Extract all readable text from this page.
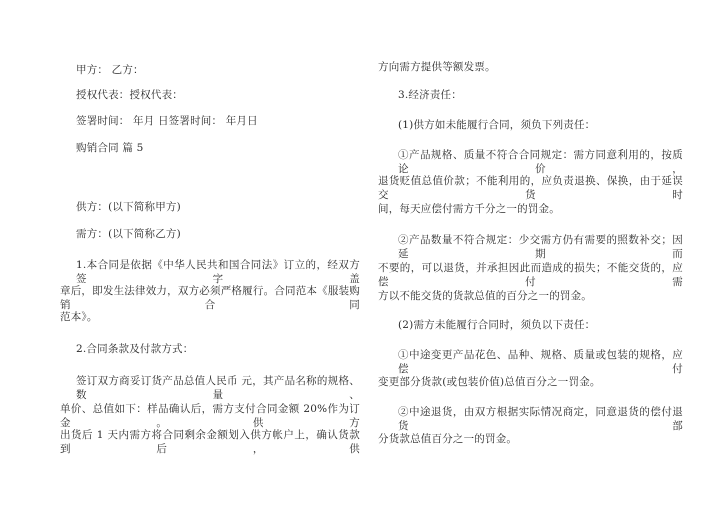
甲方： 乙方：
授权代表：授权代表：
签署时间： 年月 日签署时间： 年月日
购销合同 篇 5
供方：(以下简称甲方)
需方：(以下简称乙方)
1.本合同是依据《中华人民共和国合同法》订立的，经双方签字盖
章后，即发生法律效力，双方必须严格履行。合同范本《服装购销合同
范本》。
2.合同条款及付款方式：
签订双方商妥订货产品总值人民币 元，其产品名称的规格、数量、
单价、总值如下：样品确认后，需方支付合同金额 20%作为订金。供方
出货后 1 天内需方将合同剩余金额划入供方帐户上，确认货款到后，供
方向需方提供等额发票。
3.经济责任：
(1)供方如未能履行合同，须负下列责任：
①产品规格、质量不符合合同规定：需方同意利用的，按质论价，
退货贬值总值价款；不能利用的，应负责退换、保换，由于延误交货时
间，每天应偿付需方千分之一的罚金。
②产品数量不符合规定：少交需方仍有需要的照数补交；因延期而
不要的，可以退货，并承担因此而造成的损失；不能交货的，应偿付需
方以不能交货的货款总值的百分之一的罚金。
(2)需方未能履行合同时，须负以下责任：
①中途变更产品花色、品种、规格、质量或包装的规格，应偿付
变更部分货款(或包装价值)总值百分之一罚金。
②中途退货，由双方根据实际情况商定，同意退货的偿付退货部
分货款总值百分之一的罚金。
